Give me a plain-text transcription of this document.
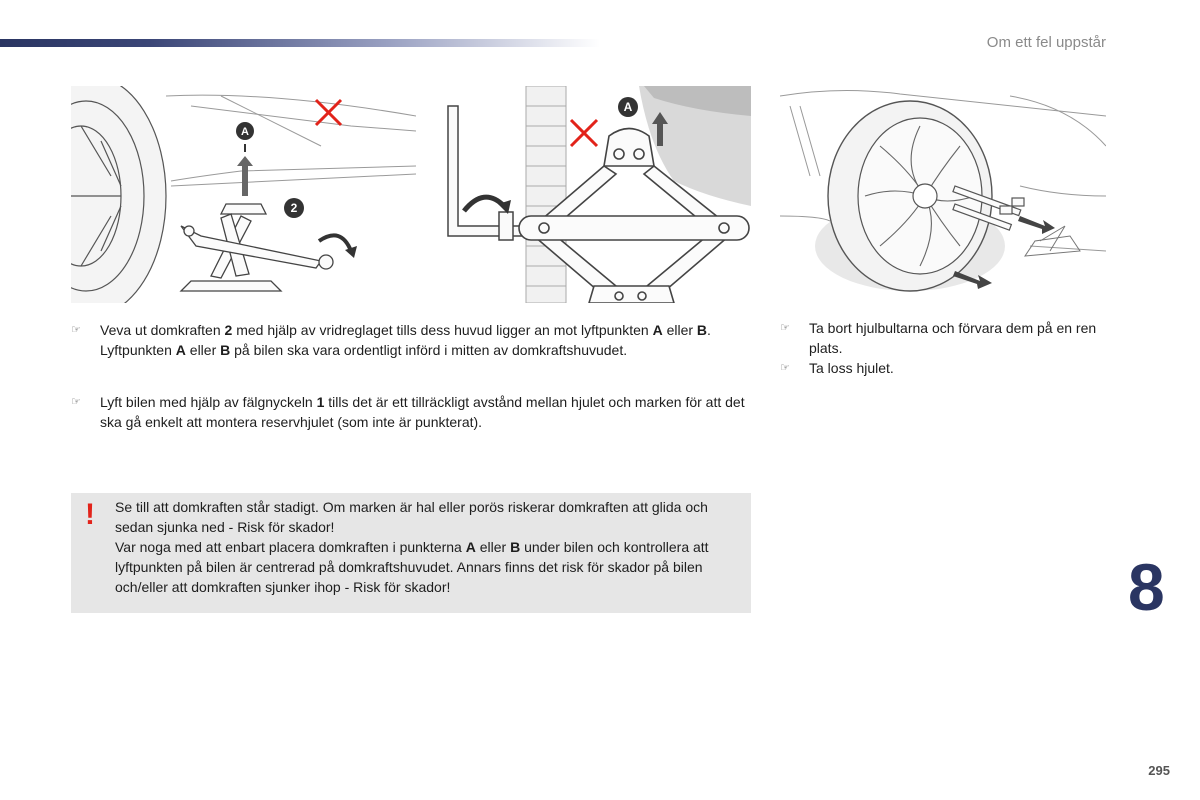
Om ett fel uppstår
A
2
A
☞	Veva ut domkraften 2 med hjälp av vridreglaget tills dess huvud ligger an mot lyftpunkten A eller B. Lyftpunkten A eller B på bilen ska vara ordentligt införd i mitten av domkraftshuvudet.
☞	Lyft bilen med hjälp av fälgnyckeln 1 tills det är ett tillräckligt avstånd mellan hjulet och marken för att det ska gå enkelt att montera reservhjulet (som inte är punkterat).
☞	Ta bort hjulbultarna och förvara dem på en ren plats.
☞	Ta loss hjulet.
! Se till att domkraften står stadigt. Om marken är hal eller porös riskerar domkraften att glida och sedan sjunka ned - Risk för skador!
Var noga med att enbart placera domkraften i punkterna A eller B under bilen och kontrollera att lyftpunkten på bilen är centrerad på domkraftshuvudet. Annars finns det risk för skador på bilen och/eller att domkraften sjunker ihop - Risk för skador!	8
295
